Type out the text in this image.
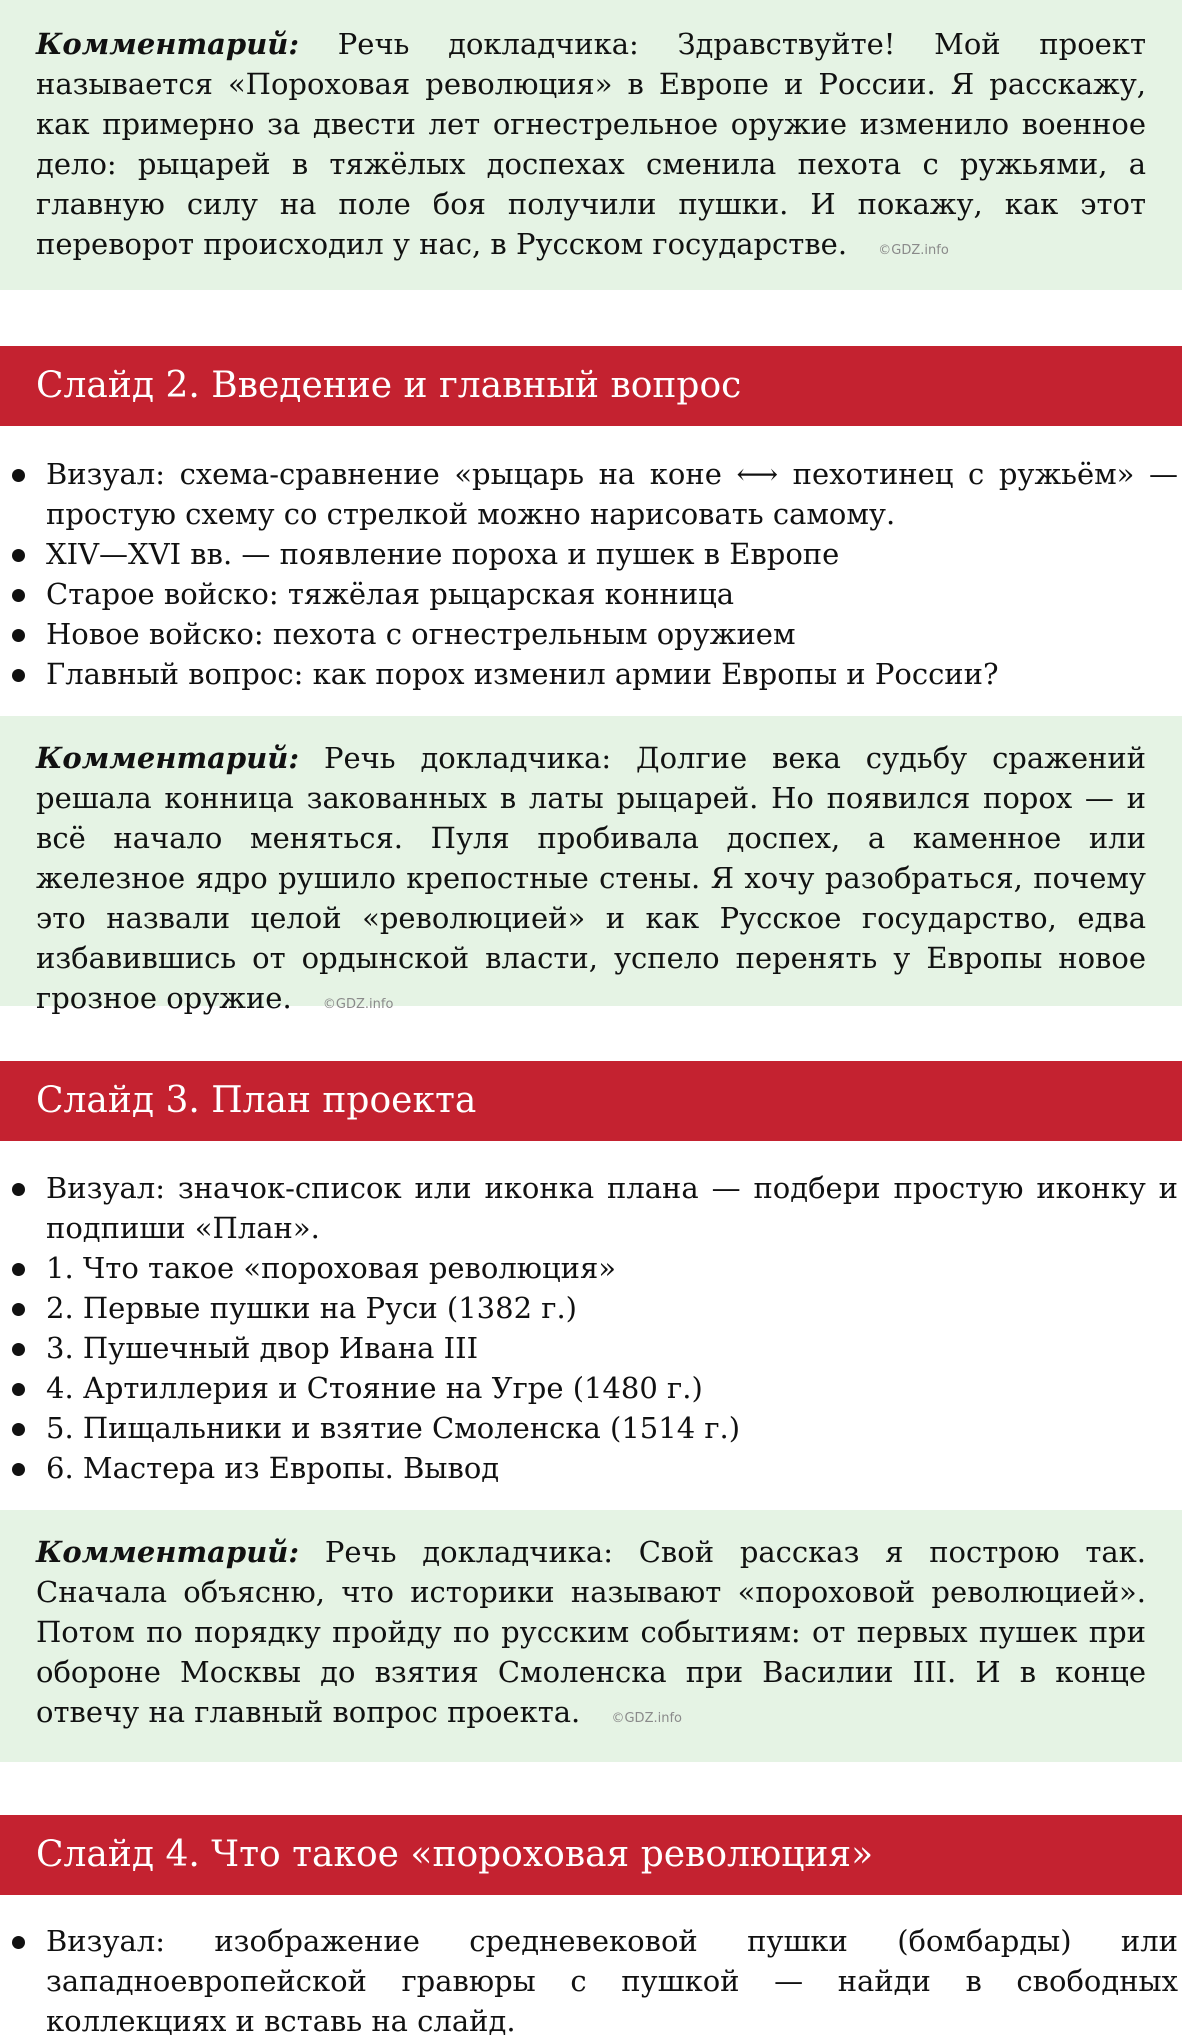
Комментарий: Речь докладчика: Здравствуйте! Мой проект называется «Пороховая революция» в Европе и России. Я расскажу, как примерно за двести лет огнестрельное оружие изменило военное дело: рыцарей в тяжёлых доспехах сменила пехота с ружьями, а главную силу на поле боя получили пушки. И покажу, как этот переворот происходил у нас, в Русском государстве. ©GDZ.info
Слайд 2. Введение и главный вопрос
Визуал: схема-сравнение «рыцарь на коне ⟷ пехотинец с ружьём» — простую схему со стрелкой можно нарисовать самому.
XIV—XVI вв. — появление пороха и пушек в Европе
Старое войско: тяжёлая рыцарская конница
Новое войско: пехота с огнестрельным оружием
Главный вопрос: как порох изменил армии Европы и России?
Комментарий: Речь докладчика: Долгие века судьбу сражений решала конница закованных в латы рыцарей. Но появился порох — и всё начало меняться. Пуля пробивала доспех, а каменное или железное ядро рушило крепостные стены. Я хочу разобраться, почему это назвали целой «революцией» и как Русское государство, едва избавившись от ордынской власти, успело перенять у Европы новое грозное оружие. ©GDZ.info
Слайд 3. План проекта
Визуал: значок-список или иконка плана — подбери простую иконку и подпиши «План».
1. Что такое «пороховая революция»
2. Первые пушки на Руси (1382 г.)
3. Пушечный двор Ивана III
4. Артиллерия и Стояние на Угре (1480 г.)
5. Пищальники и взятие Смоленска (1514 г.)
6. Мастера из Европы. Вывод
Комментарий: Речь докладчика: Свой рассказ я построю так. Сначала объясню, что историки называют «пороховой революцией». Потом по порядку пройду по русским событиям: от первых пушек при обороне Москвы до взятия Смоленска при Василии III. И в конце отвечу на главный вопрос проекта. ©GDZ.info
Слайд 4. Что такое «пороховая революция»
Визуал: изображение средневековой пушки (бомбарды) или западноевропейской гравюры с пушкой — найди в свободных коллекциях и вставь на слайд.
